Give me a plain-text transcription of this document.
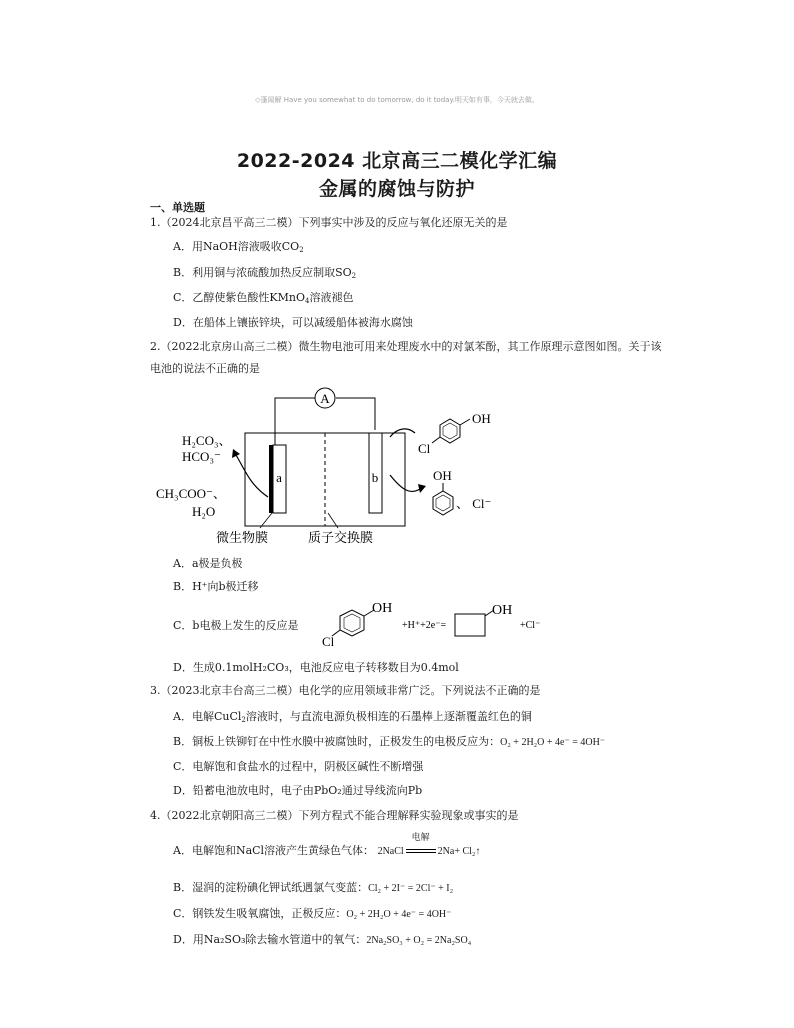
◇蓬闻解 Have you somewhat to do tomorrow, do it today.明天如有事，今天就去做。
2022-2024 北京高三二模化学汇编
金属的腐蚀与防护
一、单选题
1.（2024北京昌平高三二模）下列事实中涉及的反应与氧化还原无关的是
A．用NaOH溶液吸收$CO_2$
B．利用铜与浓硫酸加热反应制取$SO_2$
C．乙醇使紫色酸性KMnO$_4$溶液褪色
D．在船体上镶嵌锌块，可以减缓船体被海水腐蚀
2.（2022北京房山高三二模）微生物电池可用来处理废水中的对氯苯酚，其工作原理示意图如图。关于该
电池的说法不正确的是
A
a	b
H₂CO₃、
HCO₃⁻
CH₃COO⁻、
H₂O
OH
Cl
OH
、 Cl⁻
微生物膜	质子交换膜
A．a极是负极
B．H⁺向b极迁移
C．b电极上发生的反应是
OH
Cl
+H⁺+2e⁻=
OH
+Cl⁻
D．生成0.1molH₂CO₃，电池反应电子转移数目为0.4mol
3.（2023北京丰台高三二模）电化学的应用领域非常广泛。下列说法不正确的是
A．电解CuCl$_2$溶液时，与直流电源负极相连的石墨棒上逐渐覆盖红色的铜
B．铜板上铁铆钉在中性水膜中被腐蚀时，正极发生的电极反应为：O₂ + 2H₂O + 4e⁻ = 4OH⁻
C．电解饱和食盐水的过程中，阴极区碱性不断增强
D．铅蓄电池放电时，电子由PbO₂通过导线流向Pb
4.（2022北京朝阳高三二模）下列方程式不能合理解释实验现象或事实的是
A．电解饱和NaCl溶液产生黄绿色气体： 2NaCl
电解
2Na+ Cl₂↑
B．湿润的淀粉碘化钾试纸遇氯气变蓝：Cl₂ + 2I⁻ = 2Cl⁻ + I₂
C．钢铁发生吸氧腐蚀，正极反应：O₂ + 2H₂O + 4e⁻ = 4OH⁻
D．用Na₂SO₃除去输水管道中的氧气：2Na₂SO₃ + O₂ = 2Na₂SO₄
